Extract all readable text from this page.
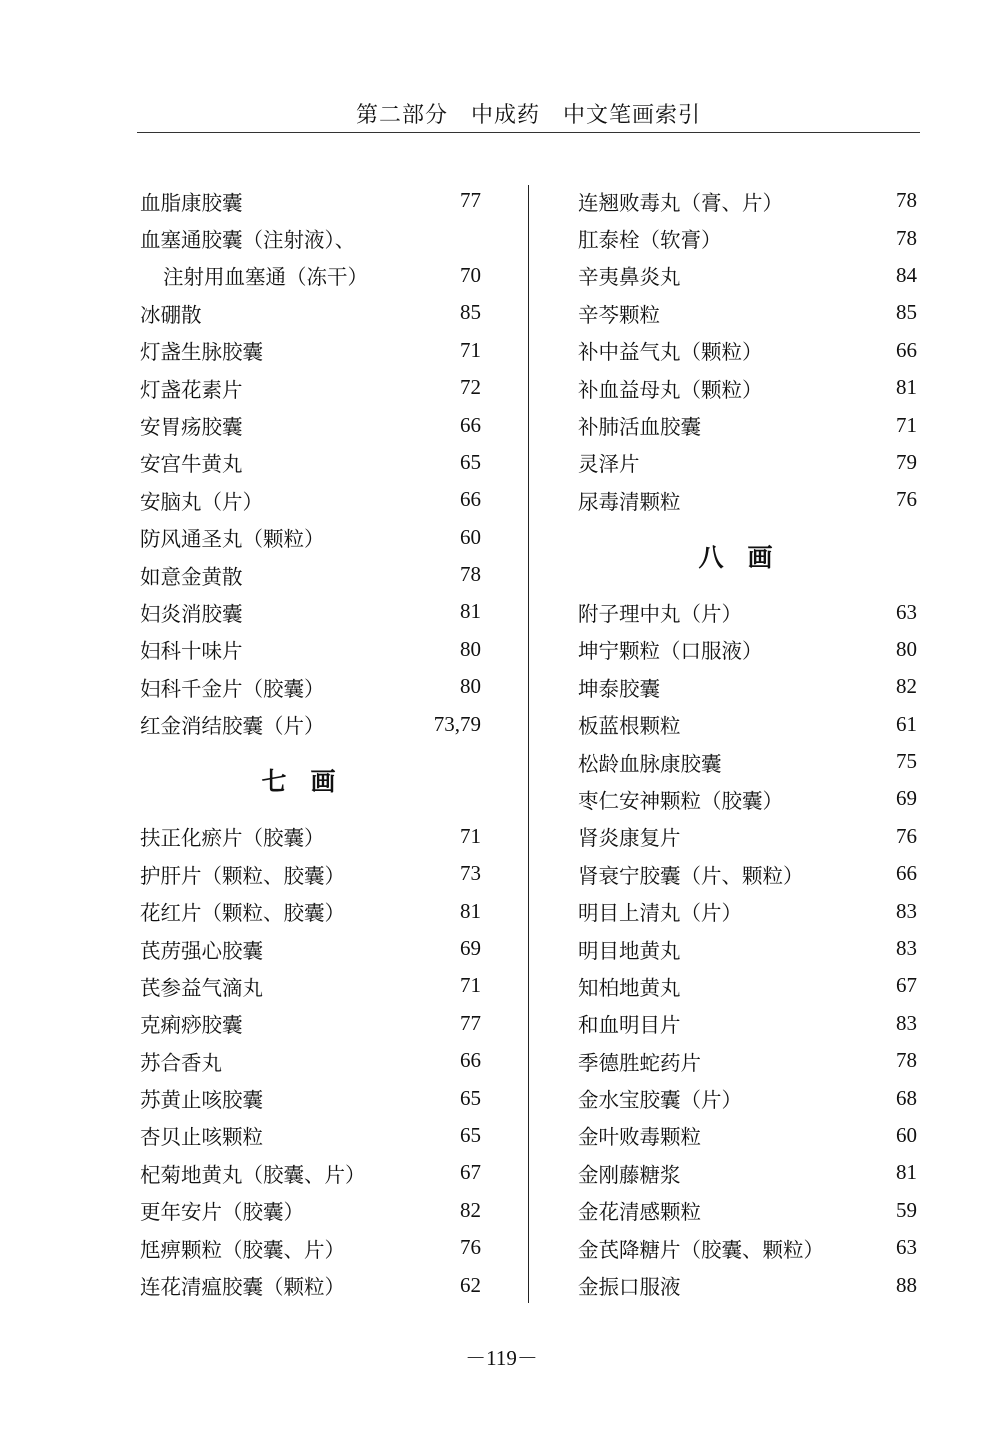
第二部分　中成药　中文笔画索引
血脂康胶囊	77
血塞通胶囊（注射液）、
注射用血塞通（冻干）	70
冰硼散	85
灯盏生脉胶囊	71
灯盏花素片	72
安胃疡胶囊	66
安宫牛黄丸	65
安脑丸（片）	66
防风通圣丸（颗粒）	60
如意金黄散	78
妇炎消胶囊	81
妇科十味片	80
妇科千金片（胶囊）	80
红金消结胶囊（片）	73,79
七画
扶正化瘀片（胶囊）	71
护肝片（颗粒、胶囊）	73
花红片（颗粒、胶囊）	81
芪苈强心胶囊	69
芪参益气滴丸	71
克痢痧胶囊	77
苏合香丸	66
苏黄止咳胶囊	65
杏贝止咳颗粒	65
杞菊地黄丸（胶囊、片）	67
更年安片（胶囊）	82
尪痹颗粒（胶囊、片）	76
连花清瘟胶囊（颗粒）	62
连翘败毒丸（膏、片）	78
肛泰栓（软膏）	78
辛夷鼻炎丸	84
辛芩颗粒	85
补中益气丸（颗粒）	66
补血益母丸（颗粒）	81
补肺活血胶囊	71
灵泽片	79
尿毒清颗粒	76
八画
附子理中丸（片）	63
坤宁颗粒（口服液）	80
坤泰胶囊	82
板蓝根颗粒	61
松龄血脉康胶囊	75
枣仁安神颗粒（胶囊）	69
肾炎康复片	76
肾衰宁胶囊（片、颗粒）	66
明目上清丸（片）	83
明目地黄丸	83
知柏地黄丸	67
和血明目片	83
季德胜蛇药片	78
金水宝胶囊（片）	68
金叶败毒颗粒	60
金刚藤糖浆	81
金花清感颗粒	59
金芪降糖片（胶囊、颗粒）	63
金振口服液	88
－119－
